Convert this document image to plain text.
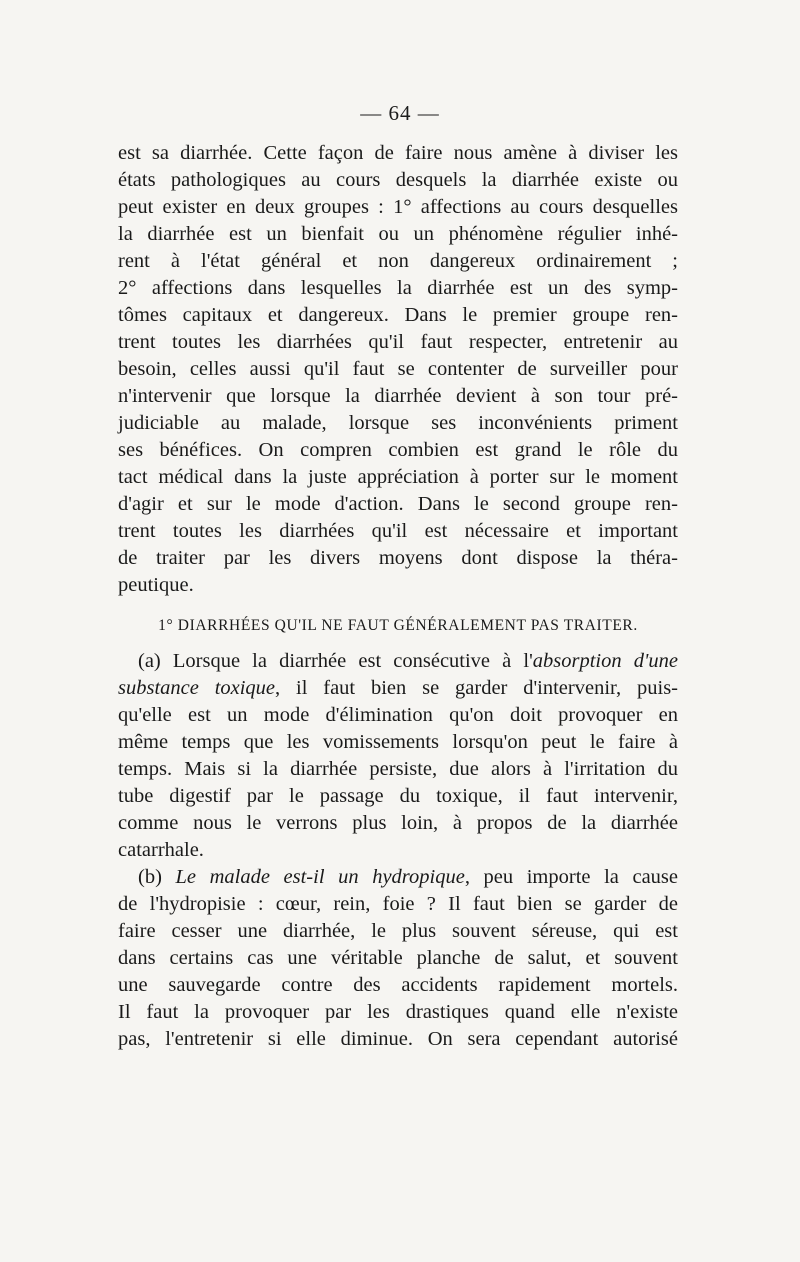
— 64 —
est sa diarrhée. Cette façon de faire nous amène à diviser les
états pathologiques au cours desquels la diarrhée existe ou
peut exister en deux groupes : 1° affections au cours desquelles
la diarrhée est un bienfait ou un phénomène régulier inhé-
rent à l'état général et non dangereux ordinairement ;
2° affections dans lesquelles la diarrhée est un des symp-
tômes capitaux et dangereux. Dans le premier groupe ren-
trent toutes les diarrhées qu'il faut respecter, entretenir au
besoin, celles aussi qu'il faut se contenter de surveiller pour
n'intervenir que lorsque la diarrhée devient à son tour pré-
judiciable au malade, lorsque ses inconvénients priment
ses bénéfices. On compren combien est grand le rôle du
tact médical dans la juste appréciation à porter sur le moment
d'agir et sur le mode d'action. Dans le second groupe ren-
trent toutes les diarrhées qu'il est nécessaire et important
de traiter par les divers moyens dont dispose la théra-
peutique.
1° DIARRHÉES QU'IL NE FAUT GÉNÉRALEMENT PAS TRAITER.
(a) Lorsque la diarrhée est consécutive à l'absorption d'une
substance toxique, il faut bien se garder d'intervenir, puis-
qu'elle est un mode d'élimination qu'on doit provoquer en
même temps que les vomissements lorsqu'on peut le faire à
temps. Mais si la diarrhée persiste, due alors à l'irritation du
tube digestif par le passage du toxique, il faut intervenir,
comme nous le verrons plus loin, à propos de la diarrhée
catarrhale.
(b) Le malade est-il un hydropique, peu importe la cause
de l'hydropisie : cœur, rein, foie ? Il faut bien se garder de
faire cesser une diarrhée, le plus souvent séreuse, qui est
dans certains cas une véritable planche de salut, et souvent
une sauvegarde contre des accidents rapidement mortels.
Il faut la provoquer par les drastiques quand elle n'existe
pas, l'entretenir si elle diminue. On sera cependant autorisé
